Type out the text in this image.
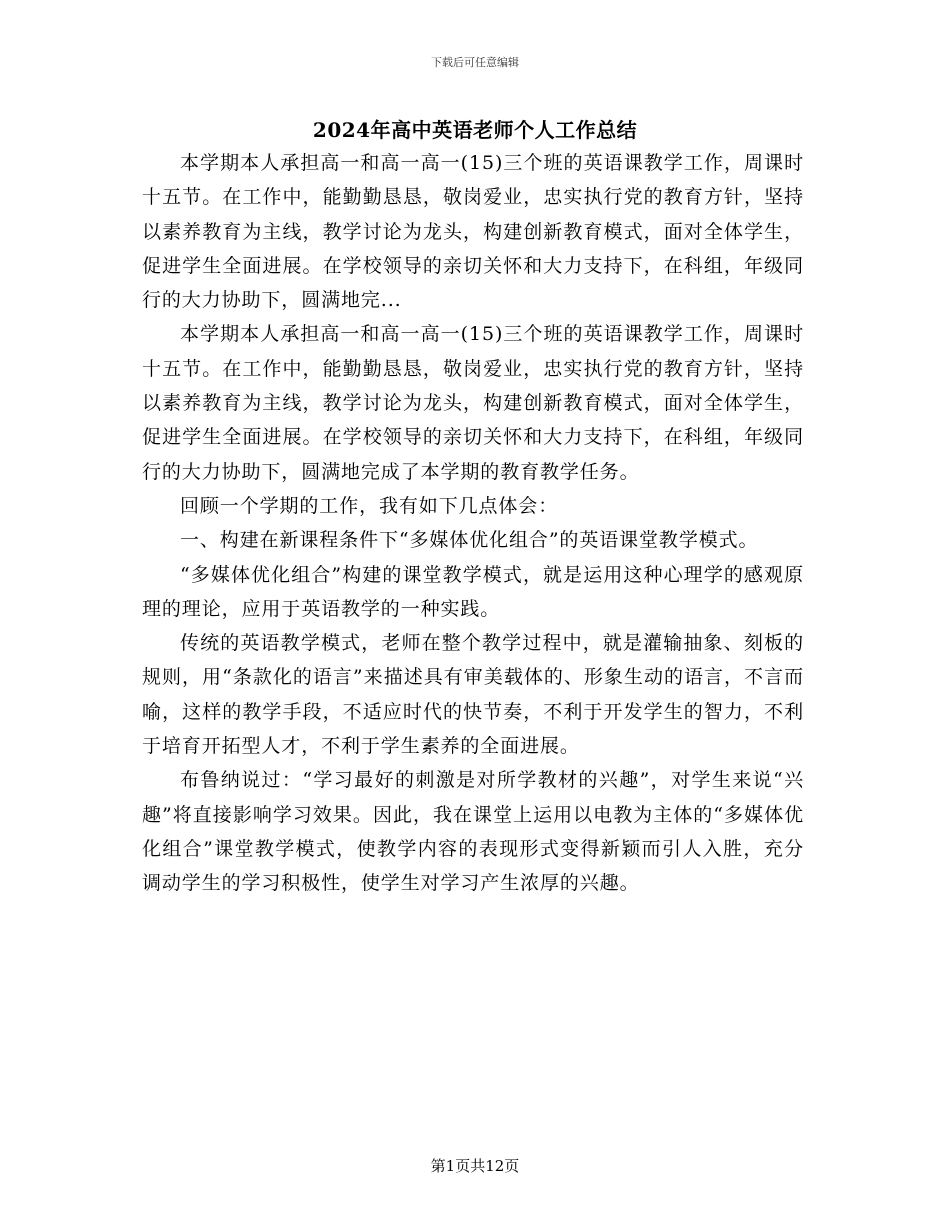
下载后可任意编辑
2024年高中英语老师个人工作总结

本学期本人承担高一和高一高一(15)三个班的英语课教学工作，周课时十五节。在工作中，能勤勤恳恳，敬岗爱业，忠实执行党的教育方针，坚持以素养教育为主线，教学讨论为龙头，构建创新教育模式，面对全体学生，促进学生全面进展。在学校领导的亲切关怀和大力支持下，在科组，年级同行的大力协助下，圆满地完...

本学期本人承担高一和高一高一(15)三个班的英语课教学工作，周课时十五节。在工作中，能勤勤恳恳，敬岗爱业，忠实执行党的教育方针，坚持以素养教育为主线，教学讨论为龙头，构建创新教育模式，面对全体学生，促进学生全面进展。在学校领导的亲切关怀和大力支持下，在科组，年级同行的大力协助下，圆满地完成了本学期的教育教学任务。

回顾一个学期的工作，我有如下几点体会：

一、构建在新课程条件下“多媒体优化组合”的英语课堂教学模式。

“多媒体优化组合”构建的课堂教学模式，就是运用这种心理学的感观原理的理论，应用于英语教学的一种实践。

传统的英语教学模式，老师在整个教学过程中，就是灌输抽象、刻板的规则，用“条款化的语言”来描述具有审美载体的、形象生动的语言，不言而喻，这样的教学手段，不适应时代的快节奏，不利于开发学生的智力，不利于培育开拓型人才，不利于学生素养的全面进展。

布鲁纳说过：“学习最好的刺激是对所学教材的兴趣”，对学生来说“兴趣”将直接影响学习效果。因此，我在课堂上运用以电教为主体的“多媒体优化组合”课堂教学模式，使教学内容的表现形式变得新颖而引人入胜，充分调动学生的学习积极性，使学生对学习产生浓厚的兴趣。

第1页共12页
